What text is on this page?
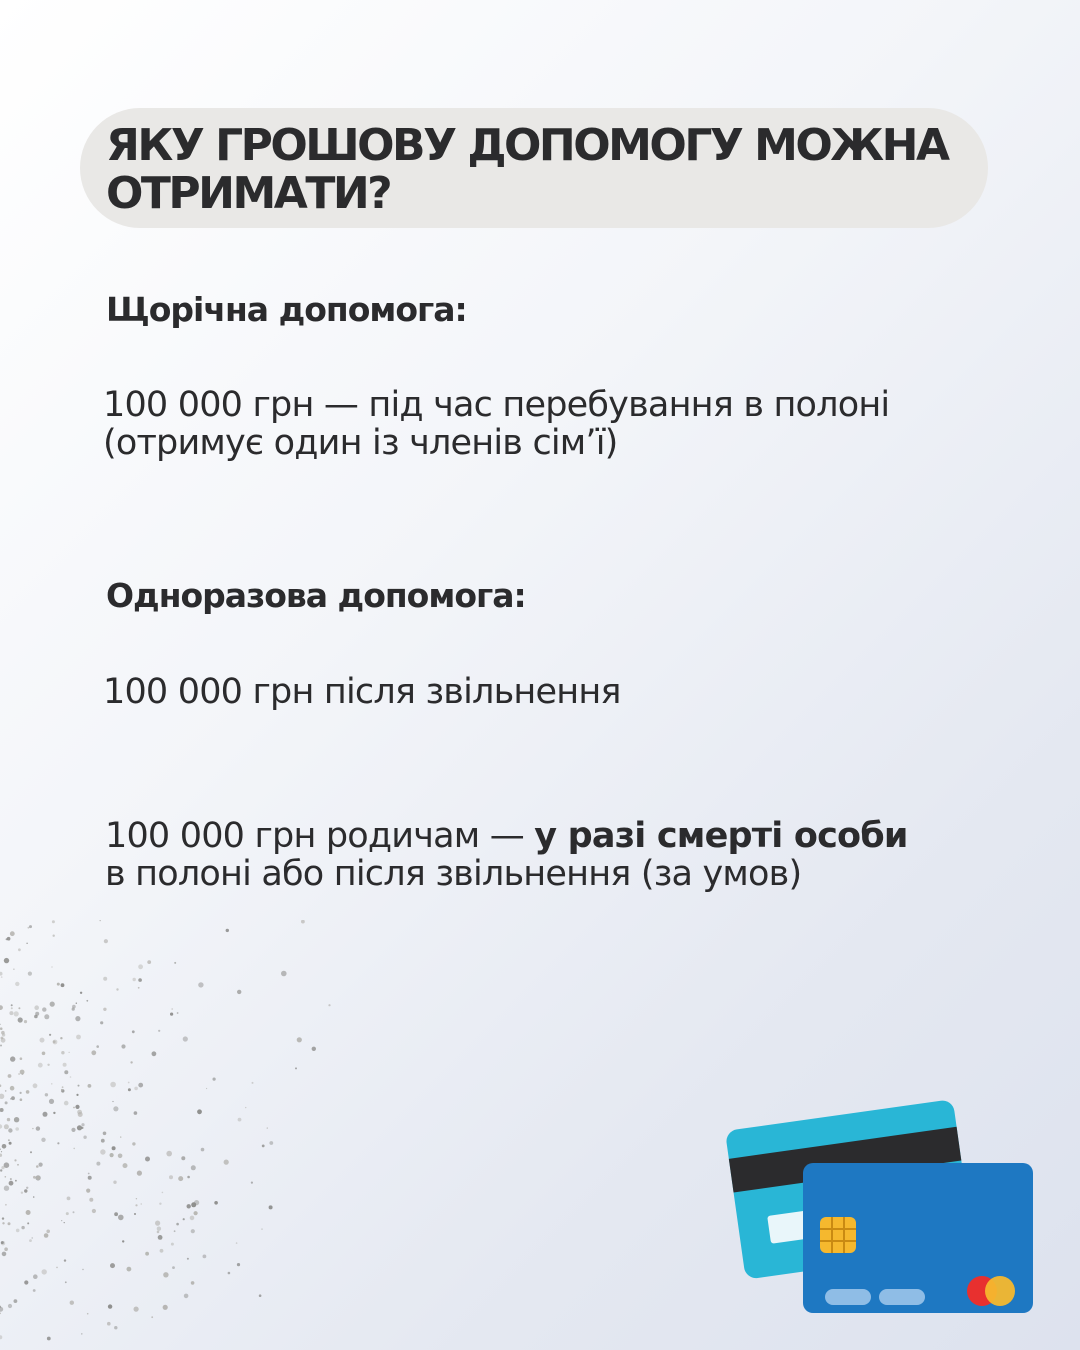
ЯКУ ГРОШОВУ ДОПОМОГУ МОЖНА
ОТРИМАТИ?
Щорічна допомога:

100 000 грн — під час перебування в полоні
(отримує один із членів сім’ї)

Одноразова допомога:

100 000 грн після звільнення

100 000 грн родичам — у разі смерті особи
в полоні або після звільнення (за умов)
